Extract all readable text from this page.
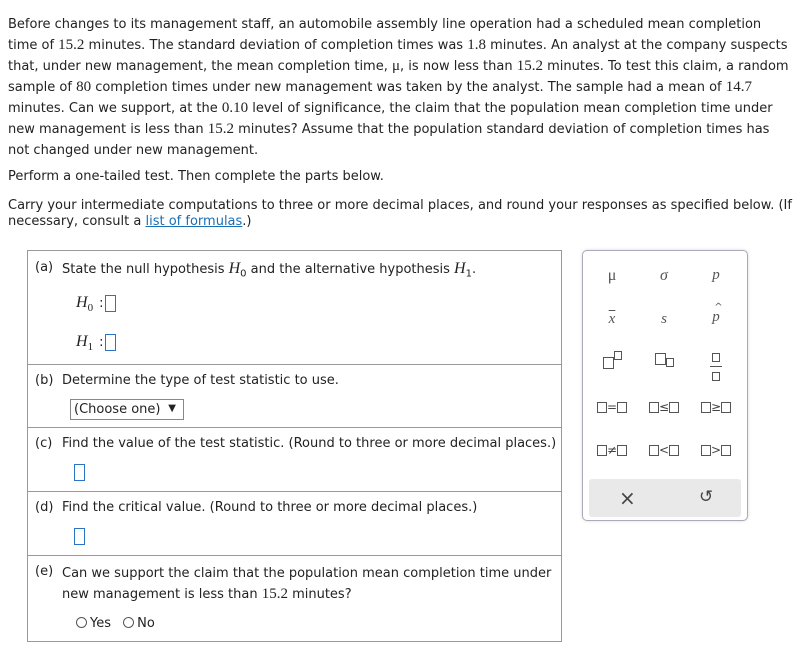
Before changes to its management staff, an automobile assembly line operation had a scheduled mean completion time of 15.2 minutes. The standard deviation of completion times was 1.8 minutes. An analyst at the company suspects that, under new management, the mean completion time, μ, is now less than 15.2 minutes. To test this claim, a random sample of 80 completion times under new management was taken by the analyst. The sample had a mean of 14.7 minutes. Can we support, at the 0.10 level of significance, the claim that the population mean completion time under new management is less than 15.2 minutes? Assume that the population standard deviation of completion times has not changed under new management.

Perform a one-tailed test. Then complete the parts below.
Carry your intermediate computations to three or more decimal places, and round your responses as specified below. (If necessary, consult a list of formulas.)
(a) State the null hypothesis $H_0$ and the alternative hypothesis $H_1$.
$H_0$ :
$H_1$ :
(b) Determine the type of test statistic to use.
(Choose one) ▼
(c) Find the value of the test statistic. (Round to three or more decimal places.)
(d) Find the critical value. (Round to three or more decimal places.)
(e) Can we support the claim that the population mean completion time under
new management is less than 15.2 minutes?
Yes No
μ	σ	p
$\overline{x}$	s
^
p
=	≤	≥
≠	<	>
×	↺
